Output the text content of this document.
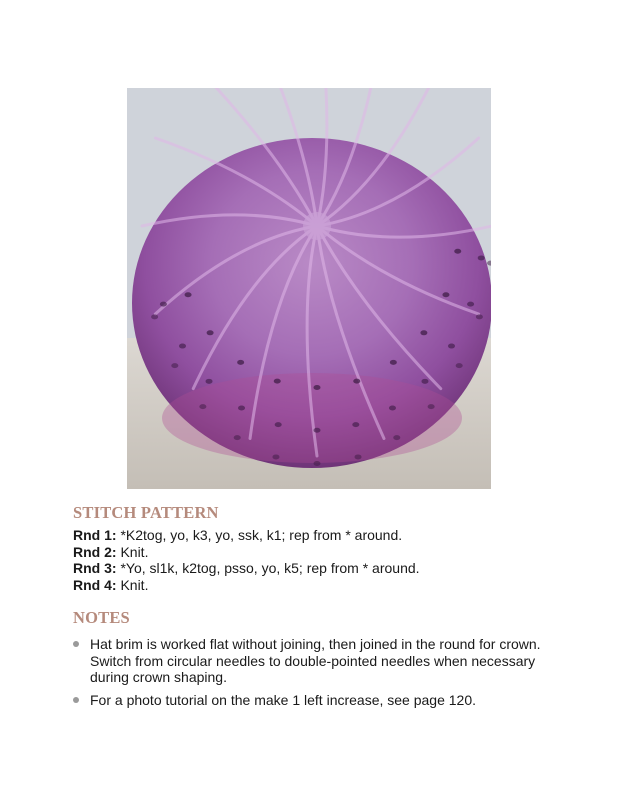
STITCH PATTERN
Rnd 1: *K2tog, yo, k3, yo, ssk, k1; rep from * around.
Rnd 2: Knit.
Rnd 3: *Yo, sl1k, k2tog, psso, yo, k5; rep from * around.
Rnd 4: Knit.
NOTES
Hat brim is worked flat without joining, then joined in the round for crown. Switch from circular needles to double-pointed needles when necessary during crown shaping.
For a photo tutorial on the make 1 left increase, see page 120.
